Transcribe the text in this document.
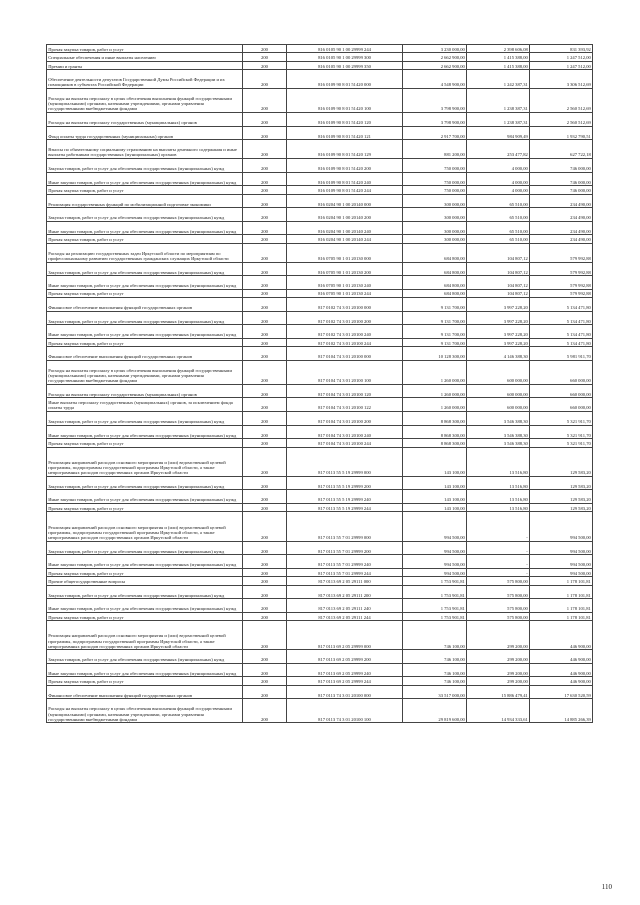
Прочая закупка товаров, работ и услуг	200	816 0105 90 1 00 29999 244	3 230 000,00	2 398 606,08	831 393,92
Специальные обеспечения и иные выплаты населению	200	816 0105 90 1 00 29999 300	2 662 900,00	1 415 388,00	1 247 512,00
Премии и гранты	200	816 0105 90 1 00 29999 350	2 662 900,00	1 415 388,00	1 247 512,00
Обеспечение деятельности депутатов Государственной Думы Российской Федерации и их помощников в субъектах Российской Федерации	200	816 0109 90 8 01 51420 000	4 548 900,00	1 242 387,31	3 306 512,69
Расходы на выплаты персоналу в целях обеспечения выполнения функций государственными (муниципальными) органами, казенными учреждениями, органами управления государственными внебюджетными фондами	200	816 0109 90 8 01 51420 100	3 798 900,00	1 238 387,31	2 560 512,69
Расходы на выплаты персоналу государственных (муниципальных) органов	200	816 0109 90 8 01 51420 120	3 798 900,00	1 238 387,31	2 560 512,69
Фонд оплаты труда государственных (муниципальных) органов	200	816 0109 90 8 01 51420 121	2 917 700,00	984 909,49	1 932 790,51
Взносы по обязательному социальному страхованию на выплаты денежного содержания и иные выплаты работникам государственных (муниципальных) органов	200	816 0109 90 8 01 51420 129	881 200,00	253 477,82	627 722,18
Закупка товаров, работ и услуг для обеспечения государственных (муниципальных) нужд	200	816 0109 90 8 01 51420 200	750 000,00	4 000,00	746 000,00
Иные закупки товаров, работ и услуг для обеспечения государственных (муниципальных) нужд	200	816 0109 90 8 01 51420 240	750 000,00	4 000,00	746 000,00
Прочая закупка товаров, работ и услуг	200	816 0109 90 8 01 51420 244	750 000,00	4 000,00	746 000,00
Реализация государственных функций по мобилизационной подготовке экономики	200	816 0204 90 1 00 20140 000	300 000,00	65 510,00	234 490,00
Закупка товаров, работ и услуг для обеспечения государственных (муниципальных) нужд	200	816 0204 90 1 00 20140 200	300 000,00	65 510,00	234 490,00
Иные закупки товаров, работ и услуг для обеспечения государственных (муниципальных) нужд	200	816 0204 90 1 00 20140 240	300 000,00	65 510,00	234 490,00
Прочая закупка товаров, работ и услуг	200	816 0204 90 1 00 20140 244	300 000,00	65 510,00	234 490,00
Расходы на реализацию государственных задач Иркутской области по мероприятиям по профессиональному развитию государственных гражданских служащих Иркутской области	200	816 0705 90 1 01 20130 000	684 800,00	104 807,12	579 992,88
Закупка товаров, работ и услуг для обеспечения государственных (муниципальных) нужд	200	816 0705 90 1 01 20130 200	684 800,00	104 807,12	579 992,88
Иные закупки товаров, работ и услуг для обеспечения государственных (муниципальных) нужд	200	816 0705 90 1 01 20130 240	684 800,00	104 807,12	579 992,88
Прочая закупка товаров, работ и услуг	200	816 0705 90 1 01 20130 244	684 800,00	104 807,12	579 992,88
Финансовое обеспечение выполнения функций государственных органов	200	817 0102 74 3 01 20100 000	9 131 700,00	3 997 228,20	5 134 471,80
Закупка товаров, работ и услуг для обеспечения государственных (муниципальных) нужд	200	817 0102 74 3 01 20100 200	9 131 700,00	3 997 228,20	5 134 471,80
Иные закупки товаров, работ и услуг для обеспечения государственных (муниципальных) нужд	200	817 0102 74 3 01 20100 240	9 131 700,00	3 997 228,20	5 134 471,80
Прочая закупка товаров, работ и услуг	200	817 0102 74 3 01 20100 244	9 131 700,00	3 997 228,20	5 134 471,80
Финансовое обеспечение выполнения функций государственных органов	200	817 0104 74 3 01 20100 000	10 128 300,00	4 146 388,30	5 981 911,70
Расходы на выплаты персоналу в целях обеспечения выполнения функций государственными (муниципальными) органами, казенными учреждениями, органами управления государственными внебюджетными фондами	200	817 0104 74 3 01 20100 100	1 260 000,00	600 000,00	660 000,00
Расходы на выплаты персоналу государственных (муниципальных) органов	200	817 0104 74 3 01 20100 120	1 260 000,00	600 000,00	660 000,00
Иные выплаты персоналу государственных (муниципальных) органов, за исключением фонда оплаты труда	200	817 0104 74 3 01 20100 122	1 260 000,00	600 000,00	660 000,00
Закупка товаров, работ и услуг для обеспечения государственных (муниципальных) нужд	200	817 0104 74 3 01 20100 200	8 868 300,00	3 546 388,30	5 321 911,70
Иные закупки товаров, работ и услуг для обеспечения государственных (муниципальных) нужд	200	817 0104 74 3 01 20100 240	8 868 300,00	3 546 388,30	5 321 911,70
Прочая закупка товаров, работ и услуг	200	817 0104 74 3 01 20100 244	8 868 300,00	3 546 388,30	5 321 911,70
Реализация направлений расходов основного мероприятия и (или) ведомственной целевой программы, подпрограммы государственной программы Иркутской области, а также непрограммных расходов государственных органов Иркутской области	200	817 0113 55 5 19 29999 000	143 100,00	13 516,80	129 583,20
Закупка товаров, работ и услуг для обеспечения государственных (муниципальных) нужд	200	817 0113 55 5 19 29999 200	143 100,00	13 516,80	129 583,20
Иные закупки товаров, работ и услуг для обеспечения государственных (муниципальных) нужд	200	817 0113 55 5 19 29999 240	143 100,00	13 516,80	129 583,20
Прочая закупка товаров, работ и услуг	200	817 0113 55 5 19 29999 244	143 100,00	13 516,80	129 583,20
Реализация направлений расходов основного мероприятия и (или) ведомственной целевой программы, подпрограммы государственной программы Иркутской области, а также непрограммных расходов государственных органов Иркутской области	200	817 0113 55 7 01 29999 000	994 500,00	-	994 500,00
Закупка товаров, работ и услуг для обеспечения государственных (муниципальных) нужд	200	817 0113 55 7 01 29999 200	994 500,00	-	994 500,00
Иные закупки товаров, работ и услуг для обеспечения государственных (муниципальных) нужд	200	817 0113 55 7 01 29999 240	994 500,00	-	994 500,00
Прочая закупка товаров, работ и услуг	200	817 0113 55 7 01 29999 244	994 500,00	-	994 500,00
Прочие общегосударственные вопросы	200	817 0113 69 2 05 29111 000	1 753 901,81	575 800,00	1 178 101,81
Закупка товаров, работ и услуг для обеспечения государственных (муниципальных) нужд	200	817 0113 69 2 05 29111 200	1 753 901,81	575 800,00	1 178 101,81
Иные закупки товаров, работ и услуг для обеспечения государственных (муниципальных) нужд	200	817 0113 69 2 05 29111 240	1 753 901,81	575 800,00	1 178 101,81
Прочая закупка товаров, работ и услуг	200	817 0113 69 2 05 29111 244	1 753 901,81	575 800,00	1 178 101,81
Реализация направлений расходов основного мероприятия и (или) ведомственной целевой программы, подпрограммы государственной программы Иркутской области, а также непрограммных расходов государственных органов Иркутской области	200	817 0113 69 2 05 29999 000	746 100,00	299 200,00	446 900,00
Закупка товаров, работ и услуг для обеспечения государственных (муниципальных) нужд	200	817 0113 69 2 05 29999 200	746 100,00	299 200,00	446 900,00
Иные закупки товаров, работ и услуг для обеспечения государственных (муниципальных) нужд	200	817 0113 69 2 05 29999 240	746 100,00	299 200,00	446 900,00
Прочая закупка товаров, работ и услуг	200	817 0113 69 2 05 29999 244	746 100,00	299 200,00	446 900,00
Финансовое обеспечение выполнения функций государственных органов	200	817 0113 74 3 01 20100 000	33 517 000,00	15 886 479,41	17 630 520,59
Расходы на выплаты персоналу в целях обеспечения выполнения функций государственными (муниципальными) органами, казенными учреждениями, органами управления государственными внебюджетными фондами	200	817 0113 74 3 01 20100 100	29 819 600,00	14 934 333,61	14 885 266,39
110
